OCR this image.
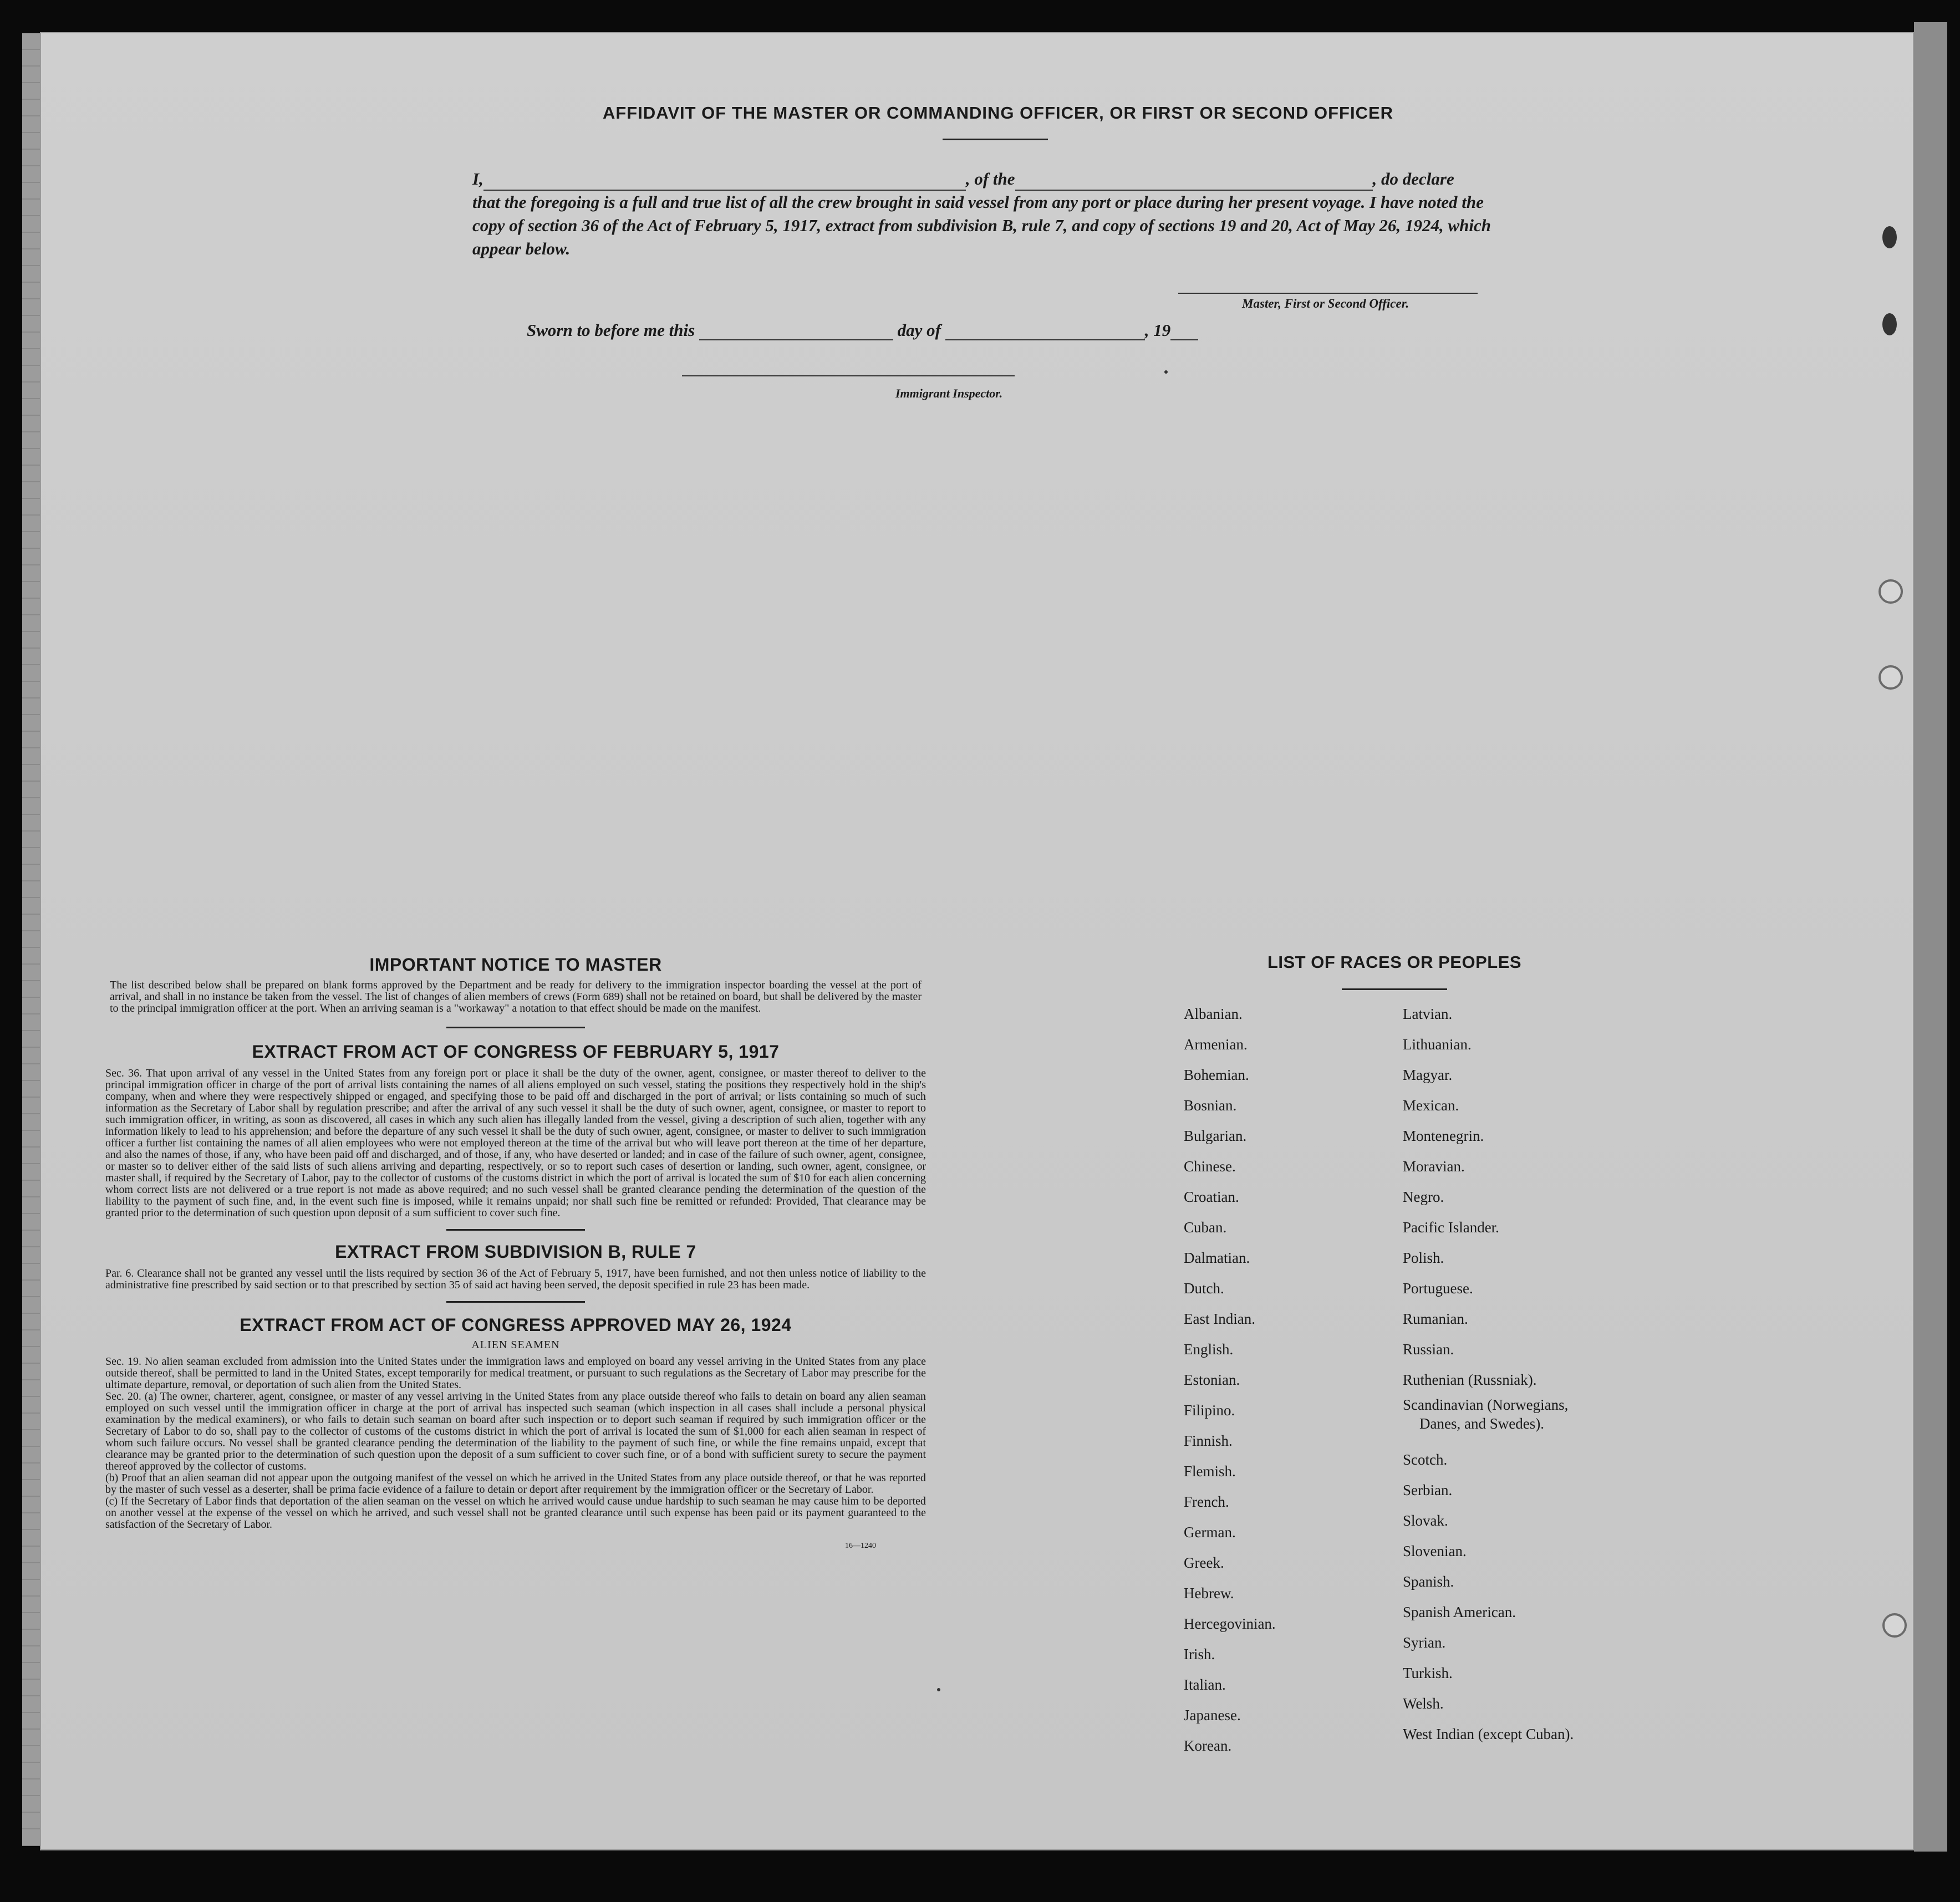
AFFIDAVIT OF THE MASTER OR COMMANDING OFFICER, OR FIRST OR SECOND OFFICER
I,	, of the	, do declare
that the foregoing is a full and true list of all the crew brought in said vessel from any port or place during her present voyage. I have noted the copy of section 36 of the Act of February 5, 1917, extract from subdivision B, rule 7, and copy of sections 19 and 20, Act of May 26, 1924, which appear below.
Master, First or Second Officer.
Sworn to before me this	day of	, 19
Immigrant Inspector.
IMPORTANT NOTICE TO MASTER
The list described below shall be prepared on blank forms approved by the Department and be ready for delivery to the immigration inspector boarding the vessel at the port of arrival, and shall in no instance be taken from the vessel. The list of changes of alien members of crews (Form 689) shall not be retained on board, but shall be delivered by the master to the principal immigration officer at the port. When an arriving seaman is a "workaway" a notation to that effect should be made on the manifest.
EXTRACT FROM ACT OF CONGRESS OF FEBRUARY 5, 1917
Sec. 36. That upon arrival of any vessel in the United States from any foreign port or place it shall be the duty of the owner, agent, consignee, or master thereof to deliver to the principal immigration officer in charge of the port of arrival lists containing the names of all aliens employed on such vessel, stating the positions they respectively hold in the ship's company, when and where they were respectively shipped or engaged, and specifying those to be paid off and discharged in the port of arrival; or lists containing so much of such information as the Secretary of Labor shall by regulation prescribe; and after the arrival of any such vessel it shall be the duty of such owner, agent, consignee, or master to report to such immigration officer, in writing, as soon as discovered, all cases in which any such alien has illegally landed from the vessel, giving a description of such alien, together with any information likely to lead to his apprehension; and before the departure of any such vessel it shall be the duty of such owner, agent, consignee, or master to deliver to such immigration officer a further list containing the names of all alien employees who were not employed thereon at the time of the arrival but who will leave port thereon at the time of her departure, and also the names of those, if any, who have been paid off and discharged, and of those, if any, who have deserted or landed; and in case of the failure of such owner, agent, consignee, or master so to deliver either of the said lists of such aliens arriving and departing, respectively, or so to report such cases of desertion or landing, such owner, agent, consignee, or master shall, if required by the Secretary of Labor, pay to the collector of customs of the customs district in which the port of arrival is located the sum of $10 for each alien concerning whom correct lists are not delivered or a true report is not made as above required; and no such vessel shall be granted clearance pending the determination of the question of the liability to the payment of such fine, and, in the event such fine is imposed, while it remains unpaid; nor shall such fine be remitted or refunded: Provided, That clearance may be granted prior to the determination of such question upon deposit of a sum sufficient to cover such fine.
EXTRACT FROM SUBDIVISION B, RULE 7
Par. 6. Clearance shall not be granted any vessel until the lists required by section 36 of the Act of February 5, 1917, have been furnished, and not then unless notice of liability to the administrative fine prescribed by said section or to that prescribed by section 35 of said act having been served, the deposit specified in rule 23 has been made.
EXTRACT FROM ACT OF CONGRESS APPROVED MAY 26, 1924
ALIEN SEAMEN
Sec. 19. No alien seaman excluded from admission into the United States under the immigration laws and employed on board any vessel arriving in the United States from any place outside thereof, shall be permitted to land in the United States, except temporarily for medical treatment, or pursuant to such regulations as the Secretary of Labor may prescribe for the ultimate departure, removal, or deportation of such alien from the United States.
Sec. 20. (a) The owner, charterer, agent, consignee, or master of any vessel arriving in the United States from any place outside thereof who fails to detain on board any alien seaman employed on such vessel until the immigration officer in charge at the port of arrival has inspected such seaman (which inspection in all cases shall include a personal physical examination by the medical examiners), or who fails to detain such seaman on board after such inspection or to deport such seaman if required by such immigration officer or the Secretary of Labor to do so, shall pay to the collector of customs of the customs district in which the port of arrival is located the sum of $1,000 for each alien seaman in respect of whom such failure occurs. No vessel shall be granted clearance pending the determination of the liability to the payment of such fine, or while the fine remains unpaid, except that clearance may be granted prior to the determination of such question upon the deposit of a sum sufficient to cover such fine, or of a bond with sufficient surety to secure the payment thereof approved by the collector of customs.
(b) Proof that an alien seaman did not appear upon the outgoing manifest of the vessel on which he arrived in the United States from any place outside thereof, or that he was reported by the master of such vessel as a deserter, shall be prima facie evidence of a failure to detain or deport after requirement by the immigration officer or the Secretary of Labor.
(c) If the Secretary of Labor finds that deportation of the alien seaman on the vessel on which he arrived would cause undue hardship to such seaman he may cause him to be deported on another vessel at the expense of the vessel on which he arrived, and such vessel shall not be granted clearance until such expense has been paid or its payment guaranteed to the satisfaction of the Secretary of Labor.
16—1240
LIST OF RACES OR PEOPLES
Albanian.
Armenian.
Bohemian.
Bosnian.
Bulgarian.
Chinese.
Croatian.
Cuban.
Dalmatian.
Dutch.
East Indian.
English.
Estonian.
Filipino.
Finnish.
Flemish.
French.
German.
Greek.
Hebrew.
Hercegovinian.
Irish.
Italian.
Japanese.
Korean.
Latvian.
Lithuanian.
Magyar.
Mexican.
Montenegrin.
Moravian.
Negro.
Pacific Islander.
Polish.
Portuguese.
Rumanian.
Russian.
Ruthenian (Russniak).
Scandinavian (Norwegians,
Danes, and Swedes).
Scotch.
Serbian.
Slovak.
Slovenian.
Spanish.
Spanish American.
Syrian.
Turkish.
Welsh.
West Indian (except Cuban).
